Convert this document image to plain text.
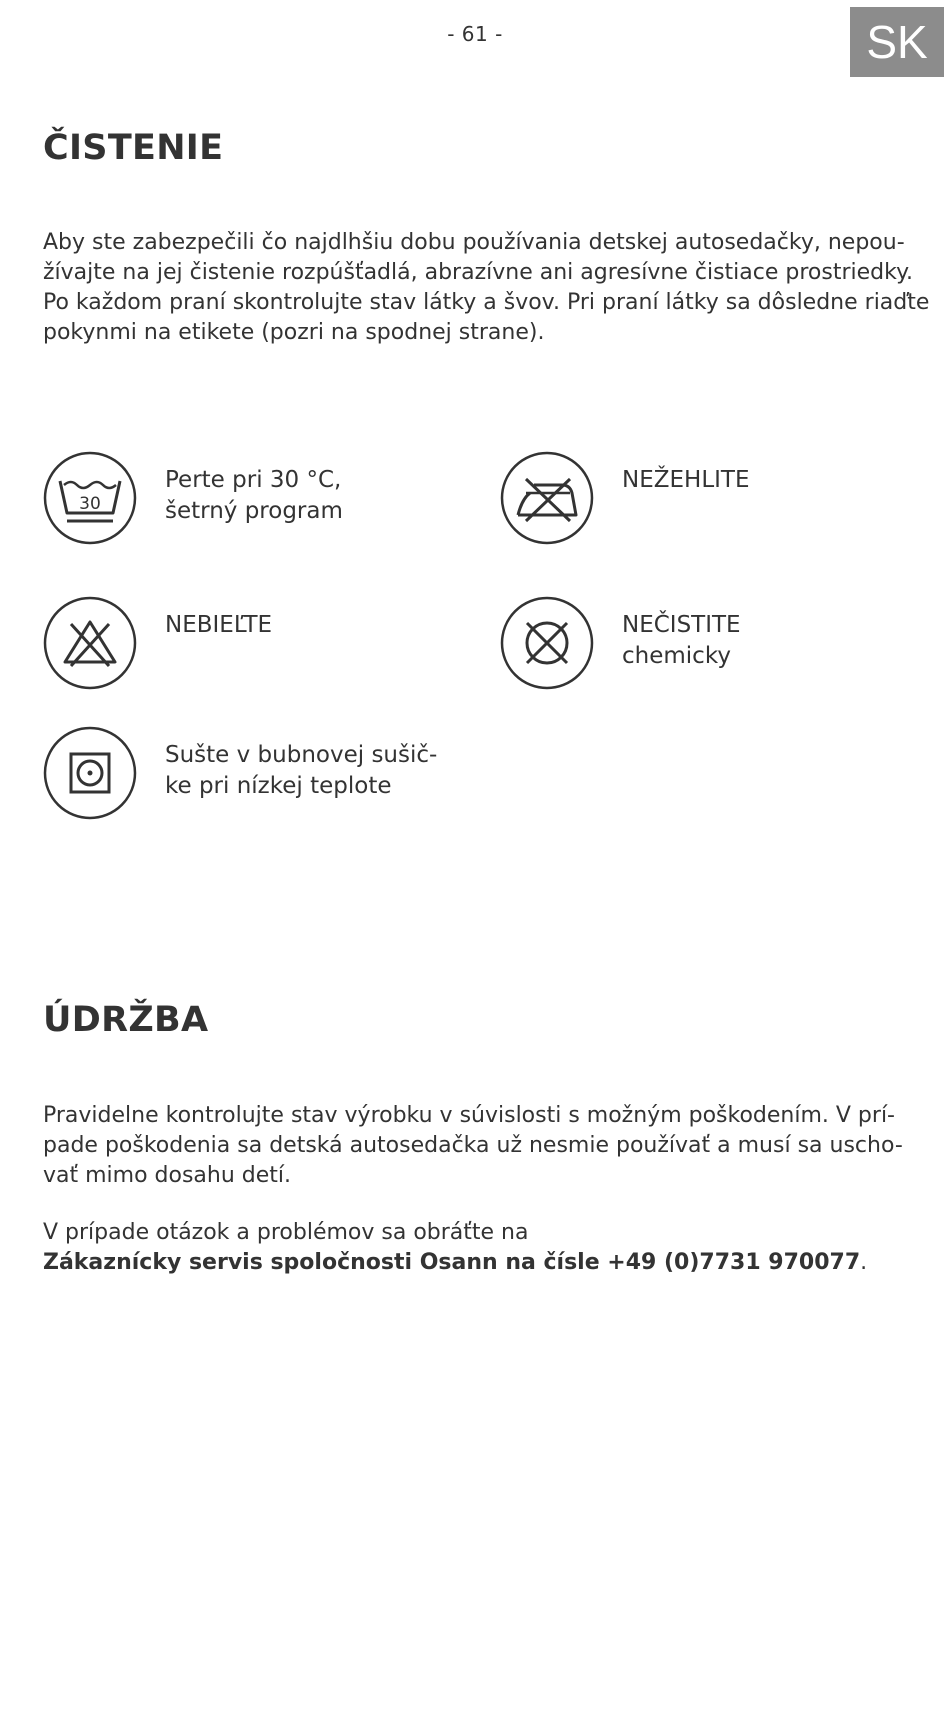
- 61 -	SK
ČISTENIE

Aby ste zabezpečili čo najdlhšiu dobu používania detskej autosedačky, nepou-
žívajte na jej čistenie rozpúšťadlá, abrazívne ani agresívne čistiace prostriedky.
Po každom praní skontrolujte stav látky a švov. Pri praní látky sa dôsledne riaďte
pokynmi na etikete (pozri na spodnej strane).

30
Perte pri 30 °C,
šetrný program
NEŽEHLITE
NEBIEĽTE	NEČISTITE
chemicky
Sušte v bubnovej sušič-
ke pri nízkej teplote
ÚDRŽBA

Pravidelne kontrolujte stav výrobku v súvislosti s možným poškodením. V prí-
pade poškodenia sa detská autosedačka už nesmie používať a musí sa uscho-
vať mimo dosahu detí.

V prípade otázok a problémov sa obráťte na
Zákaznícky servis spoločnosti Osann na čísle +49 (0)7731 970077.
